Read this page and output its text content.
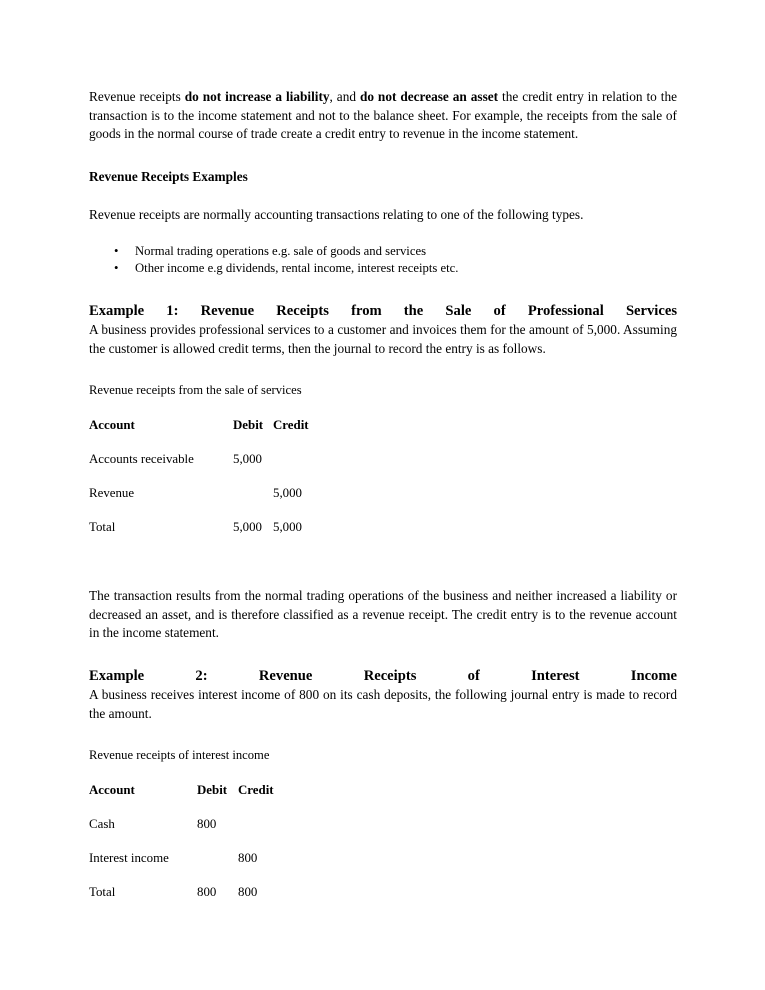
Revenue receipts do not increase a liability, and do not decrease an asset the credit entry in relation to the transaction is to the income statement and not to the balance sheet. For example, the receipts from the sale of goods in the normal course of trade create a credit entry to revenue in the income statement.

Revenue Receipts Examples

Revenue receipts are normally accounting transactions relating to one of the following types.

• Normal trading operations e.g. sale of goods and services
• Other income e.g dividends, rental income, interest receipts etc.

Example 1: Revenue Receipts from the Sale of Professional Services

A business provides professional services to a customer and invoices them for the amount of 5,000. Assuming the customer is allowed credit terms, then the journal to record the entry is as follows.

Revenue receipts from the sale of services

Account	Debit	Credit
Accounts receivable	5,000	
Revenue		5,000
Total	5,000	5,000

The transaction results from the normal trading operations of the business and neither increased a liability or decreased an asset, and is therefore classified as a revenue receipt. The credit entry is to the revenue account in the income statement.

Example 2: Revenue Receipts of Interest Income

A business receives interest income of 800 on its cash deposits, the following journal entry is made to record the amount.

Revenue receipts of interest income

Account	Debit	Credit
Cash	800	
Interest income		800
Total	800	800
